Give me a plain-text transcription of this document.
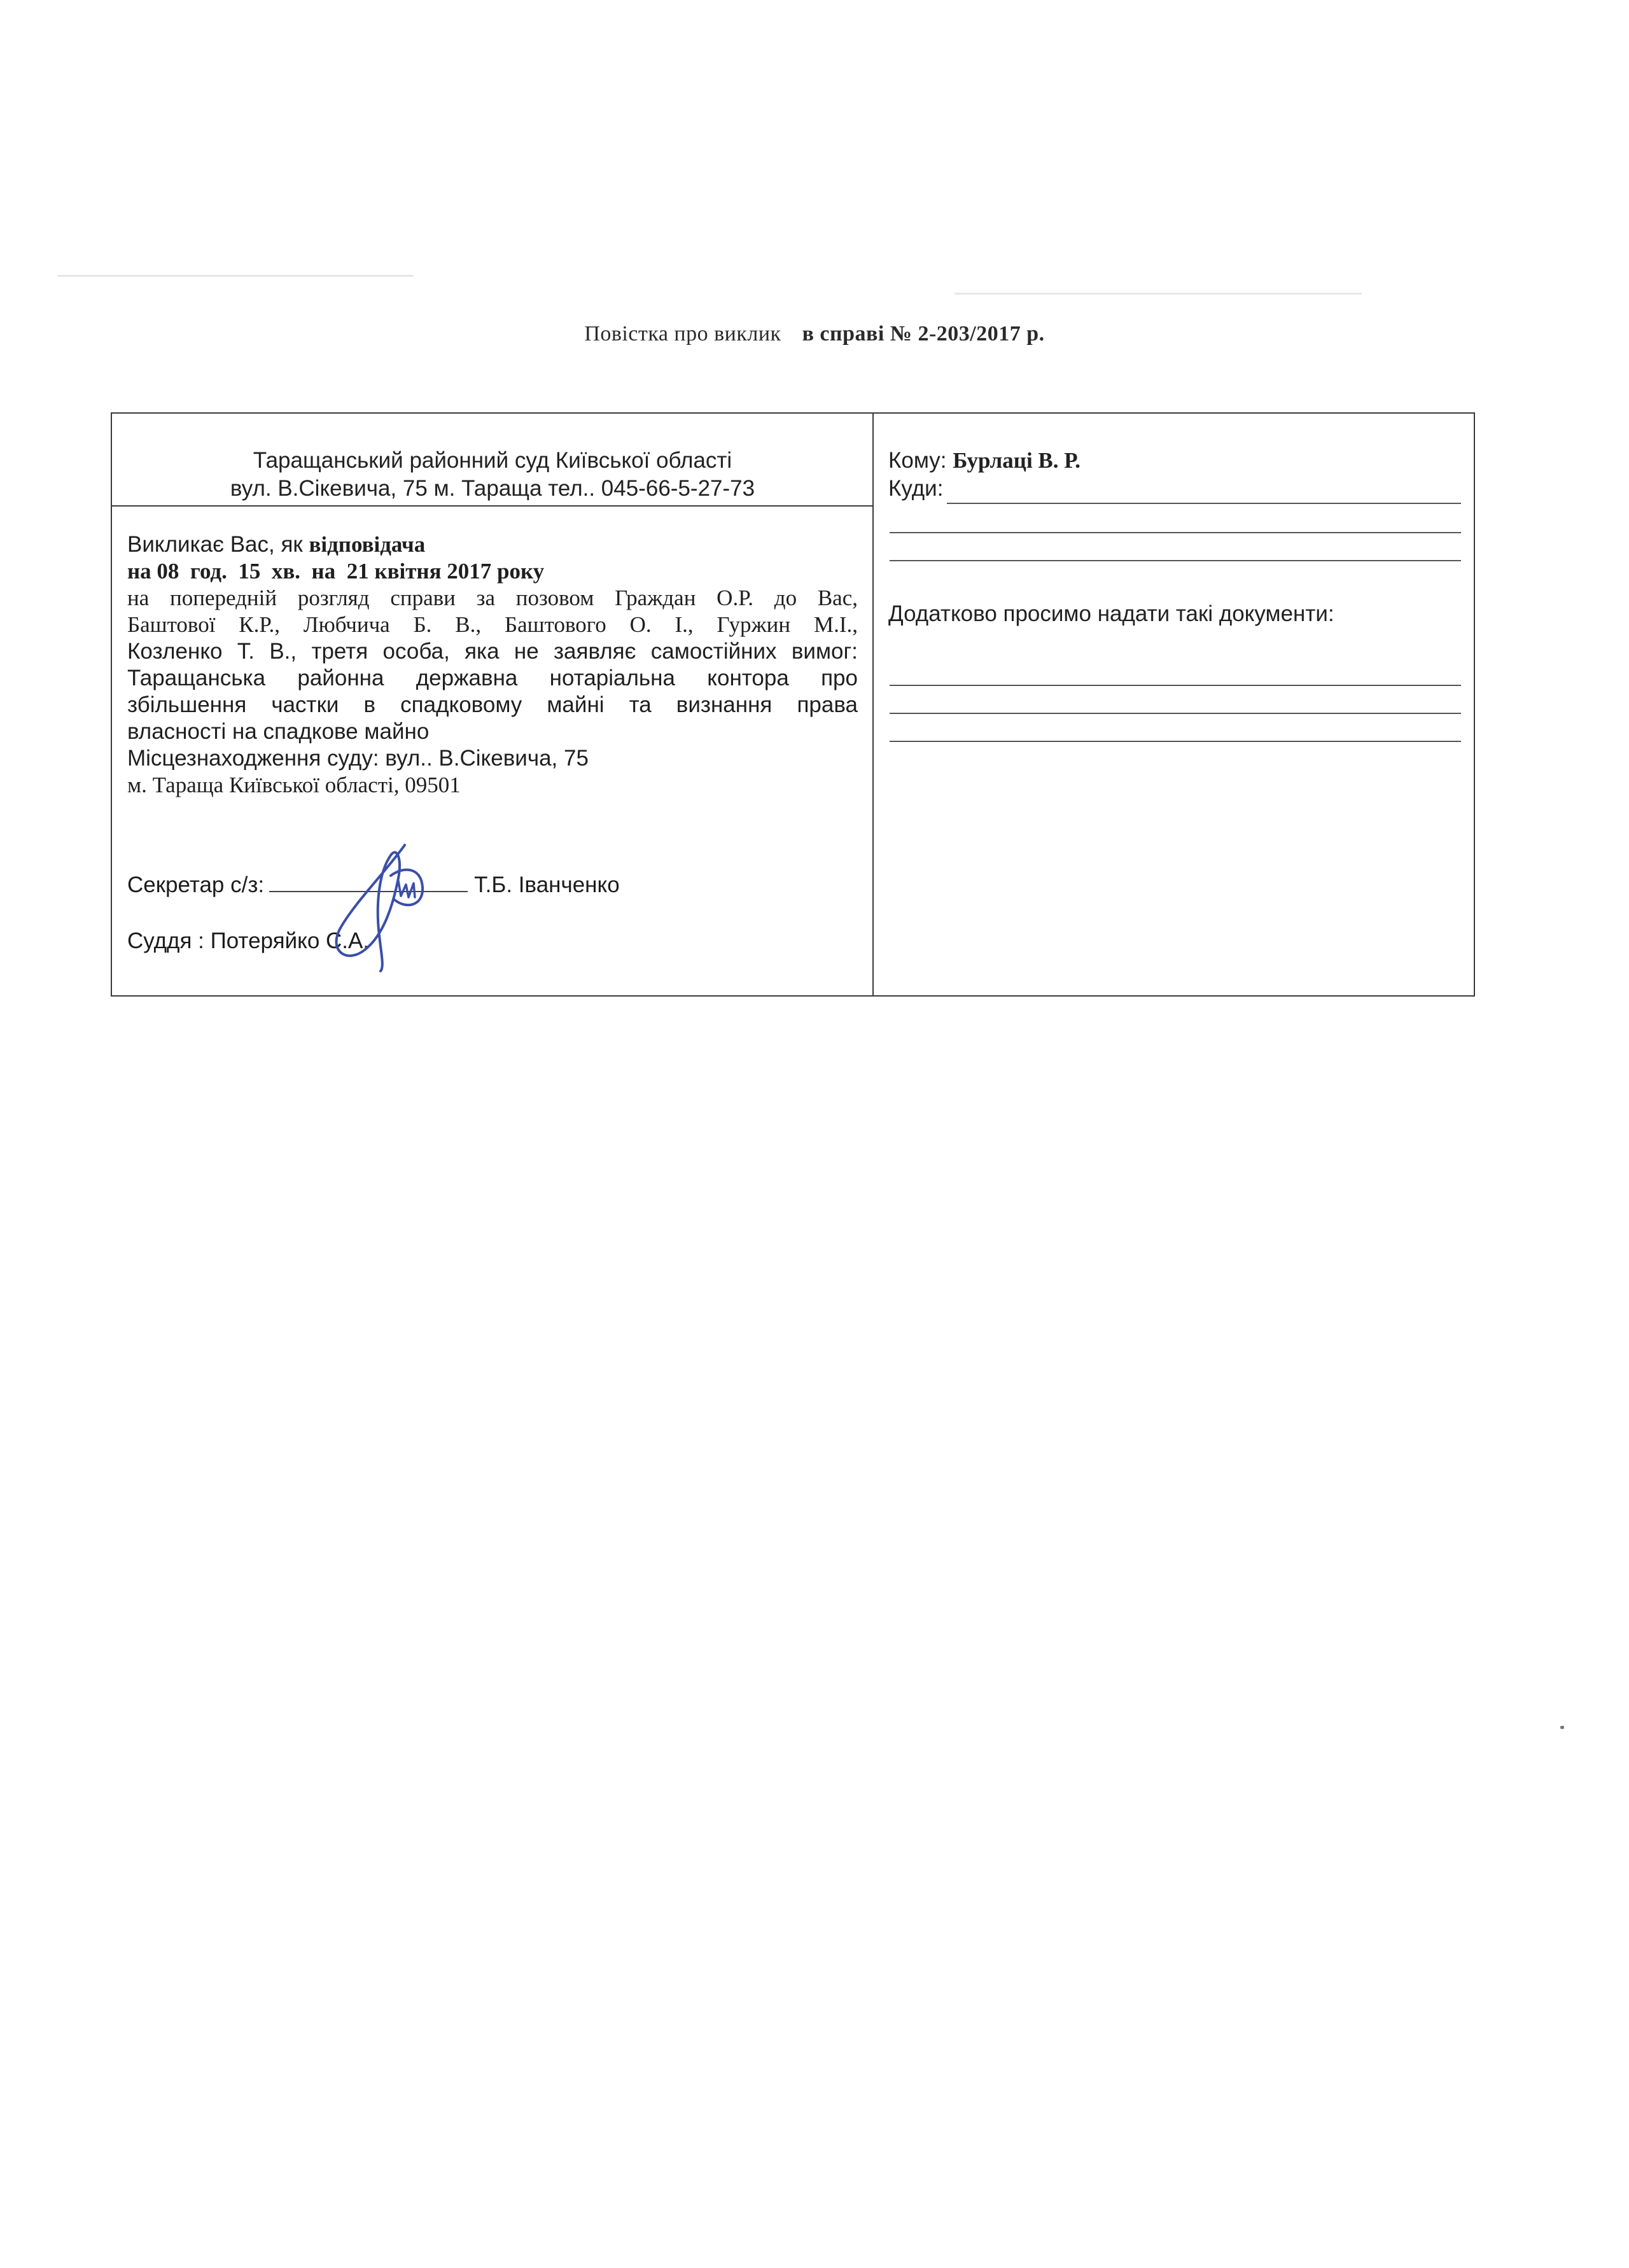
Повістка про виклик в справі № 2-203/2017 р.
Таращанський районний суд Київської області
вул. В.Сікевича, 75 м. Тараща тел.. 045-66-5-27-73
Викликає Вас, як відповідача
на 08  год.  15  хв.  на  21 квітня 2017 року
на попередній розгляд справи за позовом Граждан О.Р. до Вас,
Баштової К.Р., Любчича Б. В., Баштового О. І., Гуржин М.І.,
Козленко Т. В., третя особа, яка не заявляє самостійних вимог:
Таращанська районна державна нотаріальна контора про
збільшення частки в спадковому майні та визнання права
власності на спадкове майно
Місцезнаходження суду: вул.. В.Сікевича, 75
м. Тараща Київської області, 09501
Секретар с/з:	Т.Б. Іванченко
Суддя : Потеряйко С.А.
Кому: Бурлаці В. Р.
Куди:
Додатково просимо надати такі документи:
